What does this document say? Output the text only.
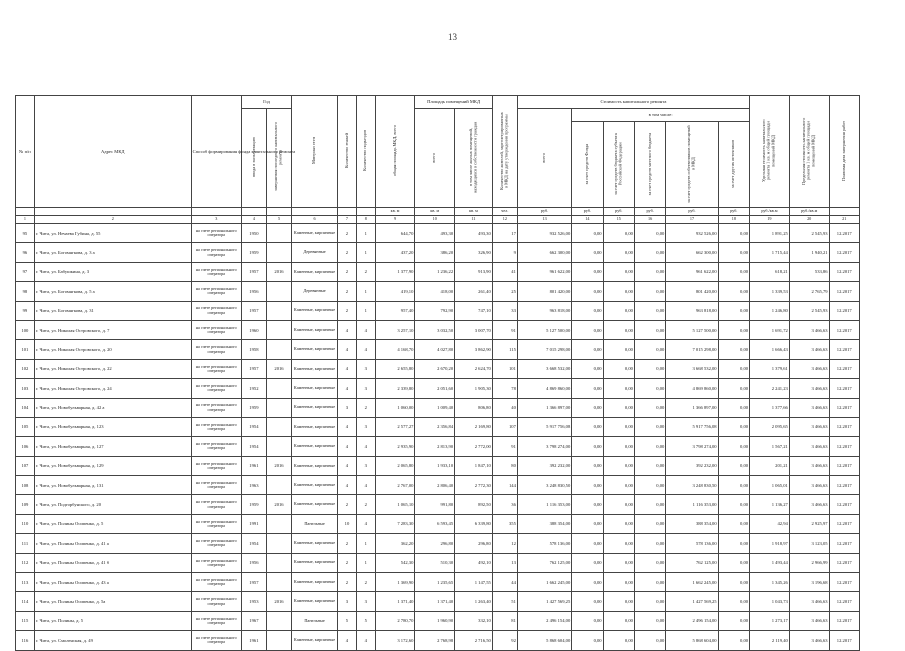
13
№ п/п	Адрес МКД	Способ формирования фонда капитального ремонта	Год		Материал стен	Количество этажей	Количество подъездов	общая площадь МКД, всего	Площадь помещений МКД		Количество жителей, зарегистрированных в МКД на дату утверждения программы	Стоимость капитального ремонта						Удельная стоимость капитального ремонта 1 кв. м общей площади помещений МКД	Предельная стоимость капитального ремонта 1 кв. м общей площади помещений МКД	Плановая дата завершения работ
			ввода в эксплуатацию	завершения последнего капитального ремонта					всего	в том числе жилых помещений, находящихся в собственности граждан		всего	в том числе:							
													за счет средств Фонда	за счет средств бюджета субъекта Российской Федерации	за счет средств местного бюджета	за счет средств собственников помещений в МКД	за счет других источников			
								кв. м	кв. м	кв. м	чел.	руб.	руб.	руб.	руб.	руб.	руб.	руб./кв.м	руб./кв.м	
1	2	3	4	5	6	7	8	9	10	11	12	13	14	15	16	17	18	19	20	21
95	г. Чита, ул. Нечаева Губина, д. 55	на счете регионального оператора	1950		Каменные, кирпичные	2	1	644,70	493,30	493,30	17	932 526,00	0,00	0,00	0,00	932 526,00	0,00	1 891,25	2 545,93	12.2017
96	г. Чита, ул. Богомягкова, д. 3 а	на счете регионального оператора	1959		Деревянные	2	1	437,20	386,20	326,90	9	662 300,00	0,00	0,00	0,00	662 300,00	0,00	1 715,44	1 940,21	12.2017
97	г. Чита, ул. Бабушкина, д. 3	на счете регионального оператора	1957	2016	Каменные, кирпичные	2	2	1 377,90	1 236,22	913,90	41	961 622,00	0,00	0,00	0,00	961 622,00	0,00	618,21	533,86	12.2017
98	г. Чита, ул. Богомягкова, д. 5 а	на счете регионального оператора	1956		Деревянные	2	1	419,10	418,00	261,40	25	801 420,00	0,00	0,00	0,00	801 420,00	0,00	1 339,53	2 765,79	12.2017
99	г. Чита, ул. Богомягкова, д. 31	на счете регионального оператора	1957		Каменные, кирпичные	2	1	957,40	792,90	747,10	33	963 818,00	0,00	0,00	0,00	963 818,00	0,00	1 246,80	2 545,93	12.2017
100	г. Чита, ул. Николая Островского, д. 7	на счете регионального оператора	1960		Каменные, кирпичные	4	4	3 257,10	3 032,50	3 007,70	91	5 127 500,00	0,00	0,00	0,00	5 127 500,00	0,00	1 691,72	3 466,63	12.2017
101	г. Чита, ул. Николая Островского, д. 20	на счете регионального оператора	1958		Каменные, кирпичные	4	4	4 168,70	4 027,80	3 862,90	115	7 015 298,00	0,00	0,00	0,00	7 015 298,00	0,00	1 666,43	3 466,63	12.2017
102	г. Чита, ул. Николая Островского, д. 22	на счете регионального оператора	1957	2016	Каменные, кирпичные	4	3	2 655,80	2 670,20	2 624,70	101	3 668 532,00	0,00	0,00	0,00	3 668 532,00	0,00	1 379,61	3 466,63	12.2017
103	г. Чита, ул. Николая Островского, д. 24	на счете регионального оператора	1952		Каменные, кирпичные	4	3	2 339,80	2 051,60	1 905,30	78	4 869 860,00	0,00	0,00	0,00	4 869 860,00	0,00	2 241,23	3 466,63	12.2017
104	г. Чита, ул. Новобульварная, д. 42 а	на счете регионального оператора	1959		Каменные, кирпичные	3	2	1 060,00	1 009,40	806,80	40	1 366 897,00	0,00	0,00	0,00	1 366 897,00	0,00	1 377,66	3 466,63	12.2017
105	г. Чита, ул. Новобульварная, д. 123	на счете регионального оператора	1954		Каменные, кирпичные	4	3	2 577,27	2 356,84	2 169,80	107	5 917 756,08	0,00	0,00	0,00	5 917 756,08	0,00	2 095,65	3 466,63	12.2017
106	г. Чита, ул. Новобульварная, д. 127	на счете регионального оператора	1954		Каменные, кирпичные	4	4	2 935,90	2 813,90	2 772,00	91	3 798 274,00	0,00	0,00	0,00	3 798 274,00	0,00	1 567,21	3 466,63	12.2017
107	г. Чита, ул. Новобульварная, д. 129	на счете регионального оператора	1961	2016	Каменные, кирпичные	4	3	2 065,80	1 933,10	1 847,10	80	392 232,00	0,00	0,00	0,00	392 232,00	0,00	201,21	3 466,63	12.2017
108	г. Чита, ул. Новобульварная, д. 131	на счете регионального оператора	1963		Каменные, кирпичные	4	4	2 767,00	2 806,40	2 772,30	144	3 248 830,50	0,00	0,00	0,00	3 248 830,50	0,00	1 065,01	3 466,63	12.2017
109	г. Чита, ул. Подгорбунского, д. 20	на счете регионального оператора	1959	2016	Каменные, кирпичные	2	2	1 065,10	991,80	892,50	36	1 116 353,00	0,00	0,00	0,00	1 116 353,00	0,00	1 136,27	3 466,63	12.2017
110	г. Чита, ул. Полины Осипенко, д. 5	на счете регионального оператора	1991		Панельные	10	4	7 283,30	6 593,45	6 339,80	355	388 354,00	0,00	0,00	0,00	388 354,00	0,00	42,94	2 925,97	12.2017
111	г. Чита, ул. Полины Осипенко, д. 41 а	на счете регионального оператора	1954		Каменные, кирпичные	2	1	362,20	296,80	296,80	12	578 136,00	0,00	0,00	0,00	578 136,00	0,00	1 918,97	3 123,05	12.2017
112	г. Чита, ул. Полины Осипенко, д. 41 б	на счете регионального оператора	1956		Каменные, кирпичные	2	1	542,30	510,30	492,10	13	762 125,00	0,00	0,00	0,00	762 125,00	0,00	1 493,44	2 966,99	12.2017
113	г. Чита, ул. Полины Осипенко, д. 43 а	на счете регионального оператора	1957		Каменные, кирпичные	2	2	1 369,90	1 235,65	1 147,55	44	1 662 245,00	0,00	0,00	0,00	1 662 245,00	0,00	1 345,26	3 196,68	12.2017
114	г. Чита, ул. Полины Осипенко, д. 5а	на счете регионального оператора	1953	2016	Каменные, кирпичные	3	3	1 371,40	1 371,40	1 263,40	51	1 427 569,25	0,00	0,00	0,00	1 427 569,25	0,00	1 043,73	3 466,63	12.2017
115	г. Чита, ул. Полины, д. 5	на счете регионального оператора	1967		Панельные	5	5	2 780,70	1 960,90	332,10	81	2 496 154,00	0,00	0,00	0,00	2 496 154,00	0,00	1 273,17	3 466,63	12.2017
116	г. Чита, ул. Смоленская, д. 49	на счете регионального оператора	1961		Каменные, кирпичные	4	4	3 172,60	2 768,98	2 716,50	92	5 868 604,00	0,00	0,00	0,00	5 868 604,00	0,00	2 119,40	3 466,63	12.2017
